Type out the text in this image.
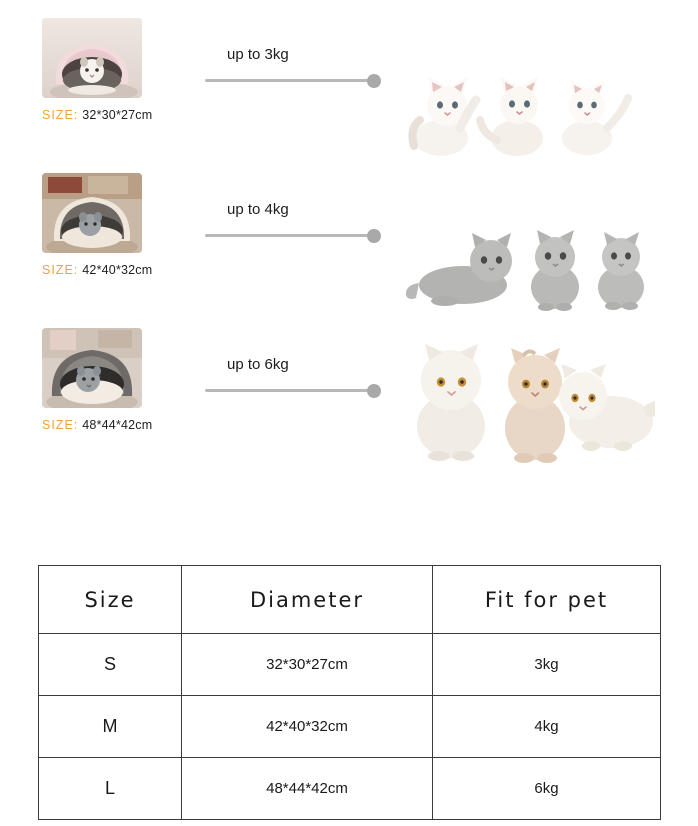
SIZE: 32*30*27cm
up to 3kg
SIZE: 42*40*32cm
up to 4kg
SIZE: 48*44*42cm
up to 6kg
Size	Diameter	Fit for pet
S	32*30*27cm	3kg
M	42*40*32cm	4kg
L	48*44*42cm	6kg
